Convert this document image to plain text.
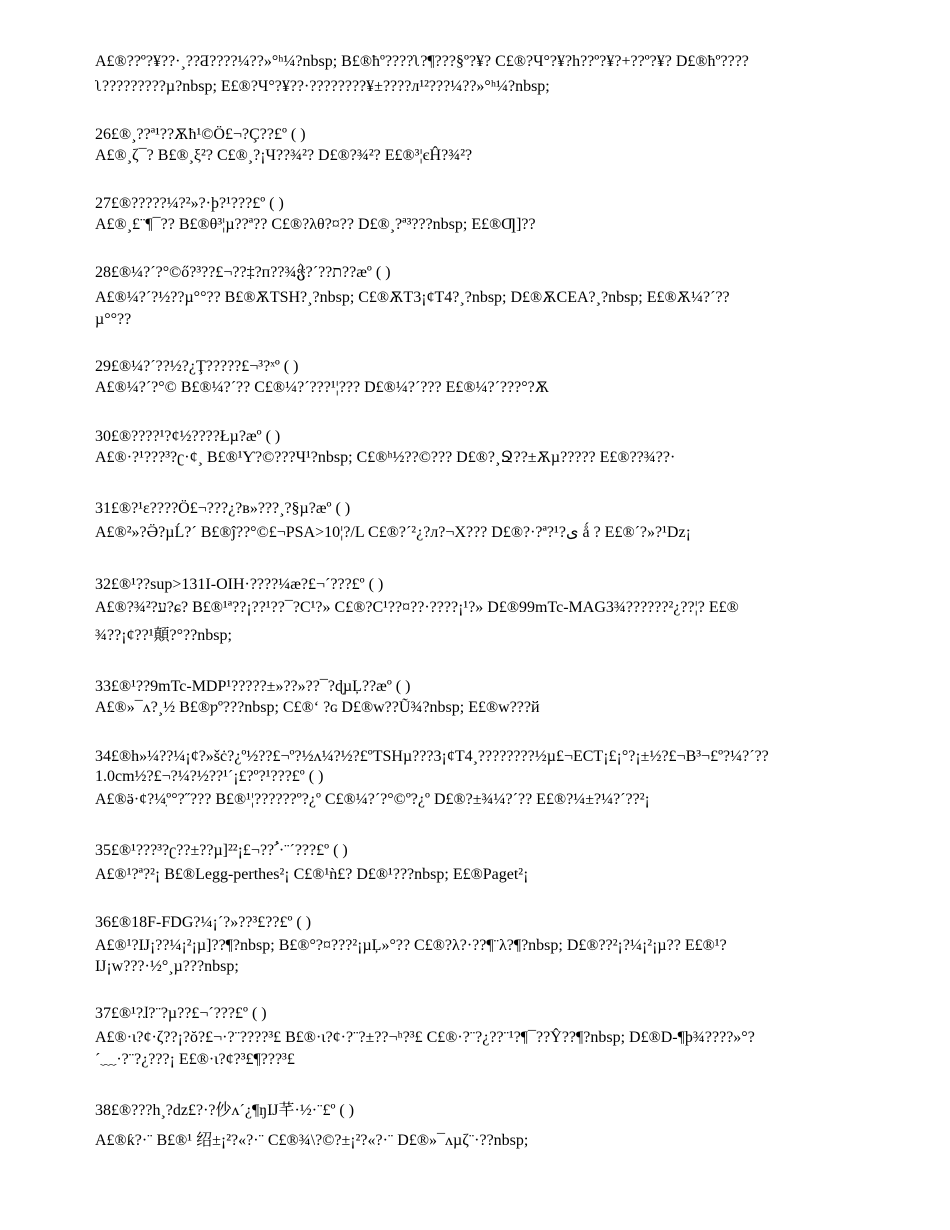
A£®??º?¥??·¸??Ƌ????¼??»°ʰ¼?nbsp; B£®ħº????ʅ?¶???§º?¥? C£®?Ч°?¥?h??º?¥?+??º?¥? D£®ħº????
ʅ?????????µ?nbsp; E£®?Ч°?¥??·????????¥±????л¹²???¼??»°ʰ¼?nbsp;
26£®¸??ª¹??Ѫħ¹©Ö£¬?Ç??£º ( )
A£®¸ζ¯? B£®¸ξ²? C£®¸?¡Ч??¾²? D£®?¾²? E£®³¦єĤ?¾²?
27£®?????¼?²»?·þ?¹???£º ( )
A£®¸£¨¶¯?? B£®θ³¦µ??ª?? C£®?λθ?¤?? D£®¸?ª³???nbsp; E£®Ƣ]??
28£®¼?´?°©ő?³??£¬??‡?п??¾ჭ?´??ת??æº ( )
A£®¼?´?½??µ°°?? B£®ѪTSH?¸?nbsp; C£®ѪT3¡¢T4?¸?nbsp; D£®ѪCEA?¸?nbsp; E£®Ѫ¼?´??
µ°°??
29£®¼?´??½?¿Ţ?????£¬³?ˣº ( )
A£®¼?´?°© B£®¼?´?? C£®¼?´???¹¦??? D£®¼?´??? E£®¼?´???°?Ѫ
30£®????¹?¢½????Łµ?æº ( )
A£®·?¹???³?ʗ·¢¸ B£®¹Ƴ?©???Ч¹?nbsp; C£®ʰ½??©??? D£®?¸Ջ??±Ѫµ????? E£®??¾??·
31£®?¹ɛ????Ö£¬???¿?в»???¸?§µ?æº ( )
A£®²»?Ӛ?µĹ?´ B£®ĵ??°©£¬PSA>10¦?/L C£®?´²¿?л?¬X??? D£®?·?ª?¹?ی ǻ ? E£®´?»?¹Dz¡
32£®¹??sup>131I-OIH·????¼ӕ?£¬´???£º ( )
A£®?¾²?ע?ɕ? B£®¹ª??¡??¹??¯?C¹?» C£®?C¹??¤??·????¡¹?» D£®99mTc-MAG3¾??????²¿??¦? E£®
¾??¡¢??¹顛?°??nbsp;
33£®¹??9mTc-MDP¹?????±»??»??¯?ɖµĻ??æº ( )
A£®»¯ʌ?¸½ B£®ƿº???nbsp; C£®ʻ ?ɢ D£®w??Ũ¾?nbsp; E£®w???й
34£®h»¼??¼¡¢?»šċ?¿º½??£¬º?½ʌ¼?½?£ºTSHµ???3¡¢T4¸????????½µ£¬ECT¡£¡°?¡±½?£¬B³¬£º?¼?´??
1.0cm½?£¬?¼?½??¹´¡£?º?¹???£º ( )
A£®ӛ·¢?¼ֽº°?˝??? B£®¹¦??????º?¿º C£®¼?´?°©º?¿º D£®?±¾¼?´?? E£®?¼±?¼?´??²¡
35£®¹???³?ʗ??±??µ]²²¡£¬??ﹸ·¨´???£º ( )
A£®¹?ª?²¡ B£®Legg-perthes²¡ C£®¹ǹ£? D£®¹???nbsp; E£®Paget²¡
36£®18F-FDG?¼¡´?»??³£??£º ( )
A£®¹?Ĳ¡??¼¡²¡µ]??¶?nbsp; B£®°?¤???²¡µĻ»°?? C£®?λ?·??¶¨λ?¶?nbsp; D£®??²¡?¼¡²¡µ?? E£®¹?
Ĳ¡w???·½°¸µ???nbsp;
37£®¹?ɺ?¨?µ??£¬´???£º ( )
A£®·ι?¢·ζ??¡?ŏ?£¬·?¨????³£ B£®·ι?¢·?¨?±??¬ʰ?³£ C£®·?¨?¿??¨¹?¶¯??Ŷ??¶?nbsp; D£®D-¶þ¾????»°?
´﹏·?¨?¿???¡ E£®·ι?¢?³£¶???³£
38£®???h¸?dz£?·?仯ʌ´¿¶ŋĲ芊·½·¨£º ( )
A£®ƙ?·¨ B£®¹ 绍±¡²?«?·¨ C£®¾\?©?±¡²?«?·¨ D£®»¯ʌµζ¨·??nbsp;
